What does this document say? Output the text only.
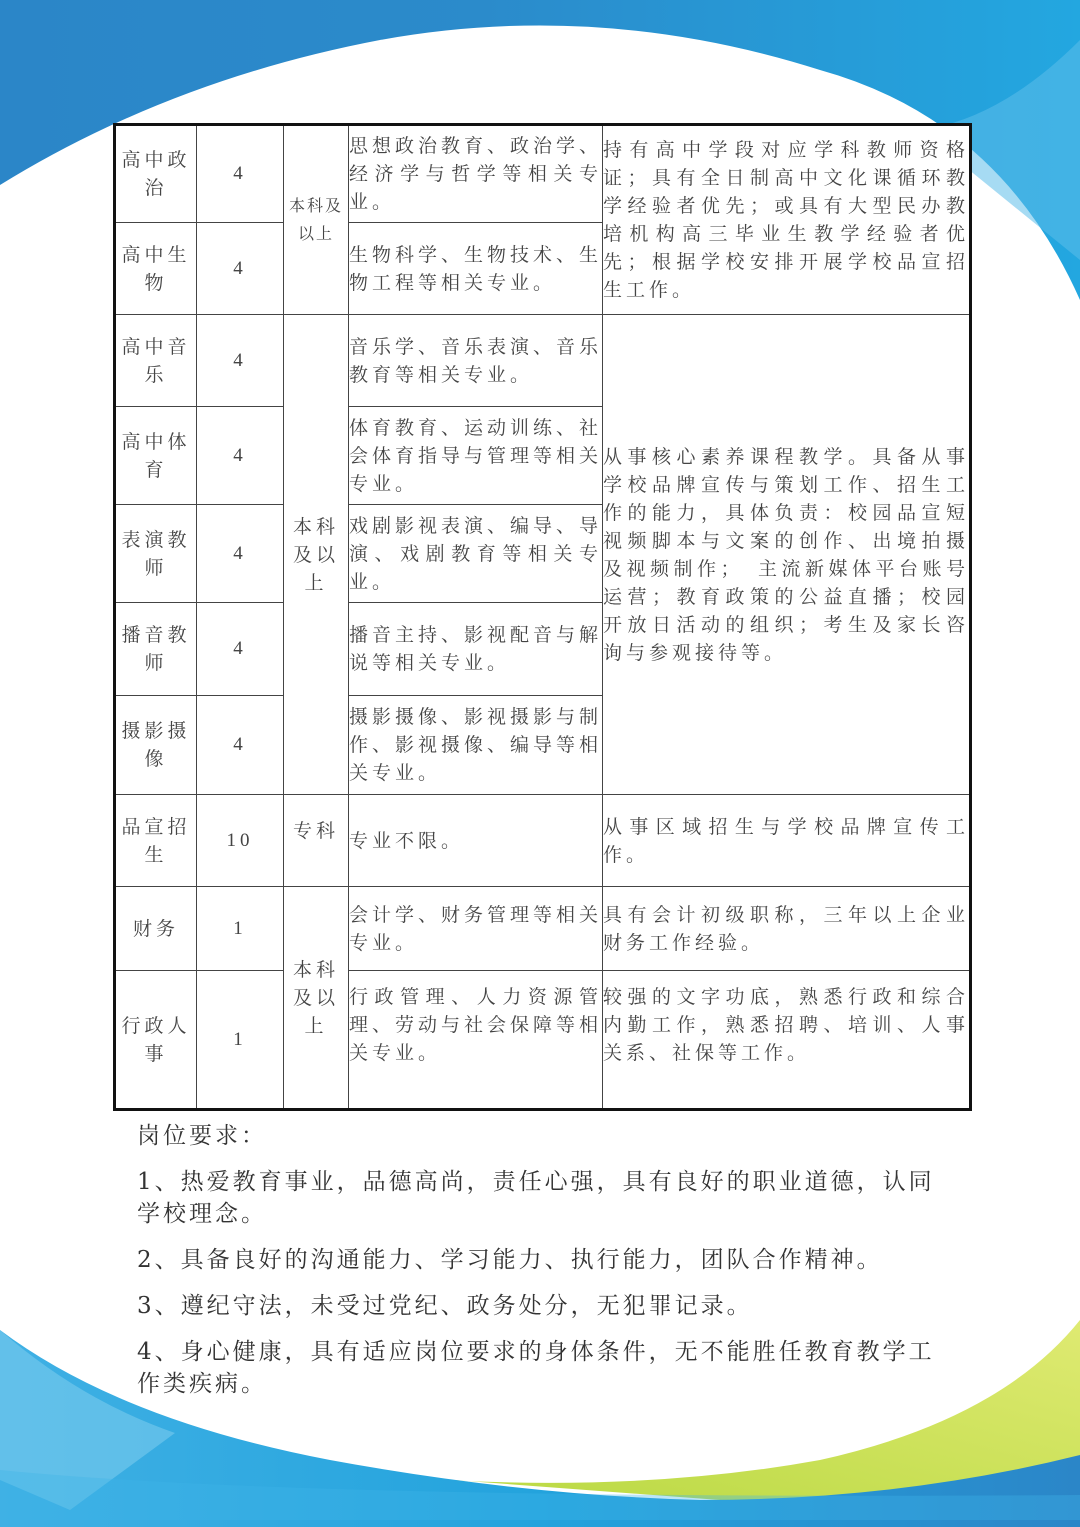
高中政治	4	本科及以上	思想政治教育、政治学、经济学与哲学等相关专业。	持有高中学段对应学科教师资格证；具有全日制高中文化课循环教学经验者优先；或具有大型民办教培机构高三毕业生教学经验者优先；根据学校安排开展学校品宣招生工作。
高中生物	4		生物科学、生物技术、生物工程等相关专业。	
高中音乐	4	本科及以上	音乐学、音乐表演、音乐教育等相关专业。	从事核心素养课程教学。具备从事学校品牌宣传与策划工作、招生工作的能力，具体负责：校园品宣短视频脚本与文案的创作、出境拍摄及视频制作；　主流新媒体平台账号运营；教育政策的公益直播；校园开放日活动的组织；考生及家长咨询与参观接待等。
高中体育	4		体育教育、运动训练、社会体育指导与管理等相关专业。	
表演教师	4		戏剧影视表演、编导、导演、戏剧教育等相关专业。	
播音教师	4		播音主持、影视配音与解说等相关专业。	
摄影摄像	4		摄影摄像、影视摄影与制作、影视摄像、编导等相关专业。	
品宣招生	10	专科	专业不限。	从事区域招生与学校品牌宣传工作。
财务	1	本科及以上	会计学、财务管理等相关专业。	具有会计初级职称，三年以上企业财务工作经验。
行政人事	1		行政管理、人力资源管理、劳动与社会保障等相关专业。	较强的文字功底，熟悉行政和综合内勤工作，熟悉招聘、培训、人事关系、社保等工作。
岗位要求：
1、热爱教育事业，品德高尚，责任心强，具有良好的职业道德，认同学校理念。
2、具备良好的沟通能力、学习能力、执行能力，团队合作精神。
3、遵纪守法，未受过党纪、政务处分，无犯罪记录。
4、身心健康，具有适应岗位要求的身体条件，无不能胜任教育教学工作类疾病。
